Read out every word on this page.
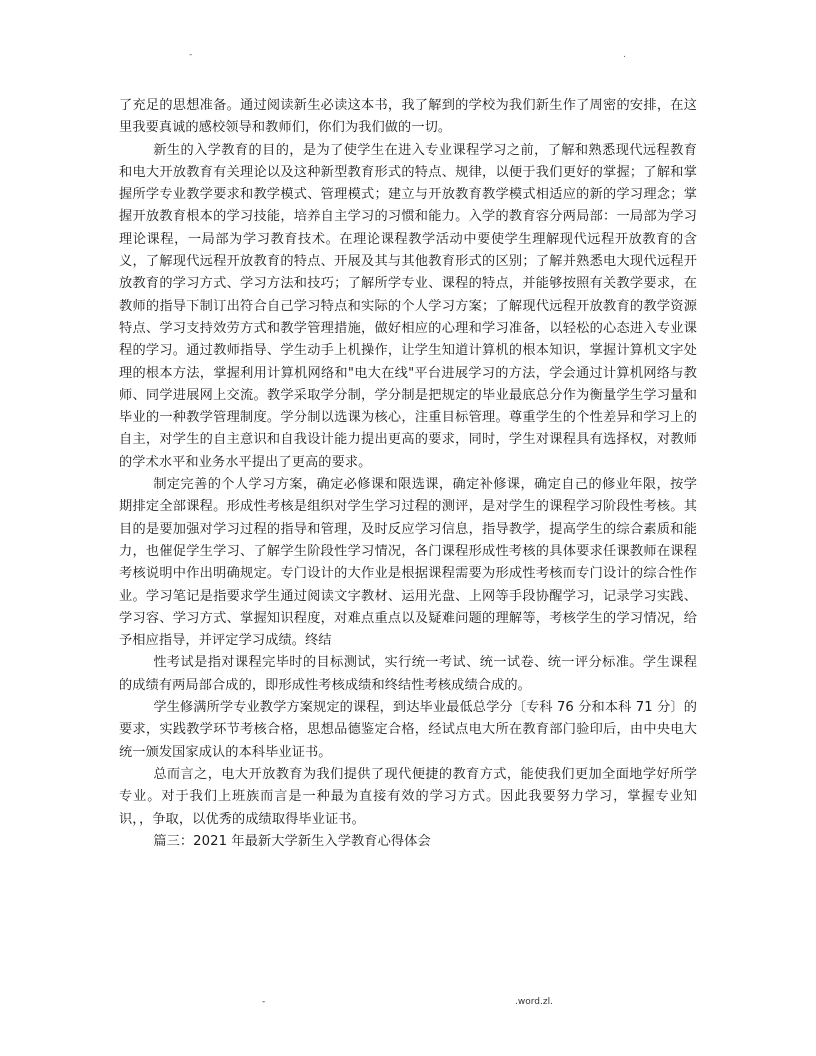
-	.

了充足的思想准备。通过阅读新生必读这本书，我了解到的学校为我们新生作了周密的安排，在这里我要真诚的感校领导和教师们，你们为我们做的一切。

新生的入学教育的目的，是为了使学生在进入专业课程学习之前，了解和熟悉现代远程教育和电大开放教育有关理论以及这种新型教育形式的特点、规律，以便于我们更好的掌握；了解和掌握所学专业教学要求和教学模式、管理模式；建立与开放教育教学模式相适应的新的学习理念；掌握开放教育根本的学习技能，培养自主学习的习惯和能力。入学的教育容分两局部：一局部为学习理论课程，一局部为学习教育技术。在理论课程教学活动中要使学生理解现代远程开放教育的含义，了解现代远程开放教育的特点、开展及其与其他教育形式的区别；了解并熟悉电大现代远程开放教育的学习方式、学习方法和技巧；了解所学专业、课程的特点，并能够按照有关教学要求，在教师的指导下制订出符合自己学习特点和实际的个人学习方案；了解现代远程开放教育的教学资源特点、学习支持效劳方式和教学管理措施，做好相应的心理和学习准备，以轻松的心态进入专业课程的学习。通过教师指导、学生动手上机操作，让学生知道计算机的根本知识，掌握计算机文字处理的根本方法，掌握利用计算机网络和"电大在线"平台进展学习的方法，学会通过计算机网络与教师、同学进展网上交流。教学采取学分制，学分制是把规定的毕业最底总分作为衡量学生学习量和毕业的一种教学管理制度。学分制以选课为核心，注重目标管理。尊重学生的个性差异和学习上的自主，对学生的自主意识和自我设计能力提出更高的要求，同时，学生对课程具有选择权，对教师的学术水平和业务水平提出了更高的要求。

制定完善的个人学习方案，确定必修课和限选课，确定补修课，确定自己的修业年限，按学期排定全部课程。形成性考核是组织对学生学习过程的测评，是对学生的课程学习阶段性考核。其目的是要加强对学习过程的指导和管理，及时反应学习信息，指导教学，提高学生的综合素质和能力，也催促学生学习、了解学生阶段性学习情况，各门课程形成性考核的具体要求任课教师在课程考核说明中作出明确规定。专门设计的大作业是根据课程需要为形成性考核而专门设计的综合性作业。学习笔记是指要求学生通过阅读文字教材、运用光盘、上网等手段协醒学习，记录学习实践、学习容、学习方式、掌握知识程度，对难点重点以及疑难问题的理解等，考核学生的学习情况，给予相应指导，并评定学习成绩。终结

性考试是指对课程完毕时的目标测试，实行统一考试、统一试卷、统一评分标准。学生课程的成绩有两局部合成的，即形成性考核成绩和终结性考核成绩合成的。

学生修满所学专业教学方案规定的课程，到达毕业最低总学分〔专科 76 分和本科 71 分〕的要求，实践教学环节考核合格，思想品德鉴定合格，经试点电大所在教育部门验印后，由中央电大统一颁发国家成认的本科毕业证书。

总而言之，电大开放教育为我们提供了现代便捷的教育方式，能使我们更加全面地学好所学专业。对于我们上班族而言是一种最为直接有效的学习方式。因此我要努力学习，掌握专业知识，，争取，以优秀的成绩取得毕业证书。

篇三：2021 年最新大学新生入学教育心得体会

-	.word.zl.
